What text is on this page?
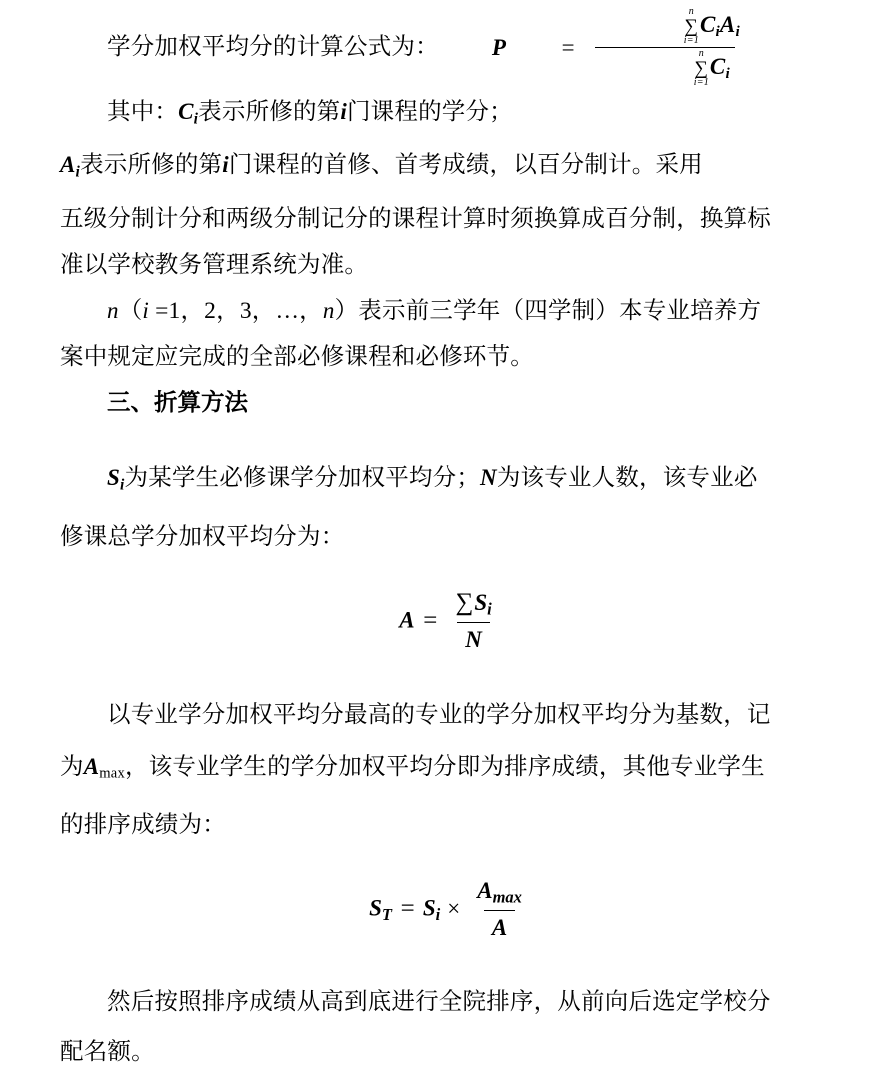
学分加权平均分的计算公式为：	P	= n
∑
i=1
$C_iA_i$
n
∑
i=1
$C_i$

其中：$C_i$表示所修的第i门课程的学分；

$A_i$表示所修的第i门课程的首修、首考成绩，以百分制计。采用

五级分制计分和两级分制记分的课程计算时须换算成百分制，换算标

准以学校教务管理系统为准。

n（i =1，2，3，…，n）表示前三学年（四学制）本专业培养方

案中规定应完成的全部必修课程和必修环节。

三、折算方法

$S_i$为某学生必修课学分加权平均分；N为该专业人数，该专业必

修课总学分加权平均分为：

$A = \frac{\sum S_i}{N}$

以专业学分加权平均分最高的专业的学分加权平均分为基数，记

为Amax，该专业学生的学分加权平均分即为排序成绩，其他专业学生

的排序成绩为：

$S_T = S_i \times \frac{A_{max}}{A}$

然后按照排序成绩从高到底进行全院排序，从前向后选定学校分

配名额。
